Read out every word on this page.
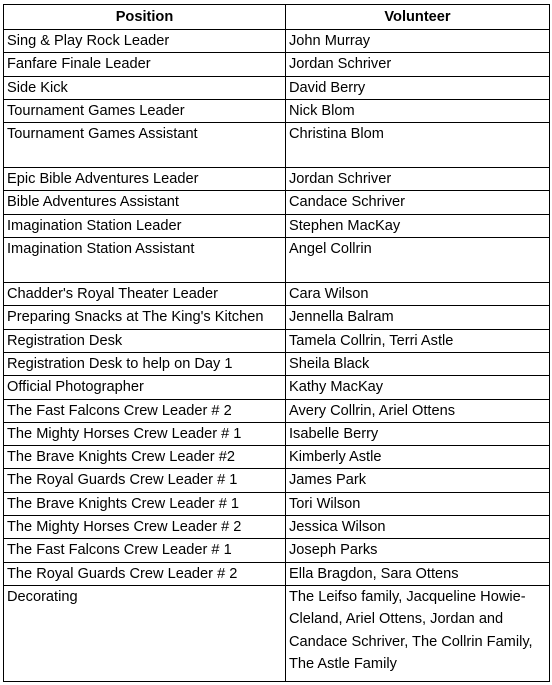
Position	Volunteer
Sing & Play Rock Leader	John Murray
Fanfare Finale Leader	Jordan Schriver
Side Kick	David Berry
Tournament Games Leader	Nick Blom
Tournament Games Assistant	Christina Blom
Epic Bible Adventures Leader	Jordan Schriver
Bible Adventures Assistant	Candace Schriver
Imagination Station Leader	Stephen MacKay
Imagination Station Assistant	Angel Collrin
Chadder's Royal Theater Leader	Cara Wilson
Preparing Snacks at The King's Kitchen	Jennella Balram
Registration Desk	Tamela Collrin, Terri Astle
Registration Desk to help on Day 1	Sheila Black
Official Photographer	Kathy MacKay
The Fast Falcons Crew Leader # 2	Avery Collrin, Ariel Ottens
The Mighty Horses Crew Leader # 1	Isabelle Berry
The Brave Knights Crew Leader #2	Kimberly Astle
The Royal Guards Crew Leader # 1	James Park
The Brave Knights Crew Leader # 1	Tori Wilson
The Mighty Horses Crew Leader # 2	Jessica Wilson
The Fast Falcons Crew Leader # 1	Joseph Parks
The Royal Guards Crew Leader # 2	Ella Bragdon, Sara Ottens
Decorating	The Leifso family, Jacqueline Howie-Cleland, Ariel Ottens, Jordan and Candace Schriver, The Collrin Family, The Astle Family
